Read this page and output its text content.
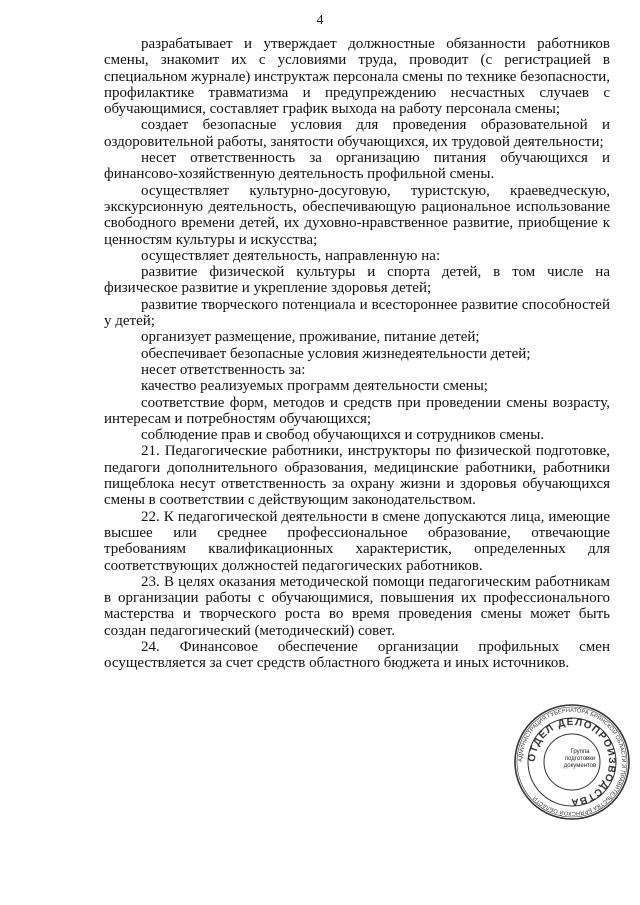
4

разрабатывает и утверждает должностные обязанности работников смены, знакомит их с условиями труда, проводит (с регистрацией в специальном журнале) инструктаж персонала смены по технике безопасности, профилактике травматизма и предупреждению несчастных случаев с обучающимися, составляет график выхода на работу персонала смены;

создает безопасные условия для проведения образовательной и оздоровительной работы, занятости обучающихся, их трудовой деятельности;

несет ответственность за организацию питания обучающихся и финансово-хозяйственную деятельность профильной смены.

осуществляет культурно-досуговую, туристскую, краеведческую, экскурсионную деятельность, обеспечивающую рациональное использование свободного времени детей, их духовно-нравственное развитие, приобщение к ценностям культуры и искусства;

осуществляет деятельность, направленную на:

развитие физической культуры и спорта детей, в том числе на физическое развитие и укрепление здоровья детей;

развитие творческого потенциала и всестороннее развитие способностей у детей;

организует размещение, проживание, питание детей;

обеспечивает безопасные условия жизнедеятельности детей;

несет ответственность за:

качество реализуемых программ деятельности смены;

соответствие форм, методов и средств при проведении смены возрасту, интересам и потребностям обучающихся;

соблюдение прав и свобод обучающихся и сотрудников смены.

21. Педагогические работники, инструкторы по физической подготовке, педагоги дополнительного образования, медицинские работники, работники пищеблока несут ответственность за охрану жизни и здоровья обучающихся смены в соответствии с действующим законодательством.

22. К педагогической деятельности в смене допускаются лица, имеющие высшее или среднее профессиональное образование, отвечающие требованиям квалификационных характеристик, определенных для соответствующих должностей педагогических работников.

23. В целях оказания методической помощи педагогическим работникам в организации работы с обучающимися, повышения их профессионального мастерства и творческого роста во время проведения смены может быть создан педагогический (методический) совет.

24. Финансовое обеспечение организации профильных смен осуществляется за счет средств областного бюджета и иных источников.

АДМИНИСТРАЦИЯ ГУБЕРНАТОРА БРЯНСКОЙ ОБЛАСТИ И ПРАВИТЕЛЬСТВА БРЯНСКОЙ ОБЛАСТИ
ОТДЕЛ ДЕЛОПРОИЗВОДСТВА
Группа подготовки документов
